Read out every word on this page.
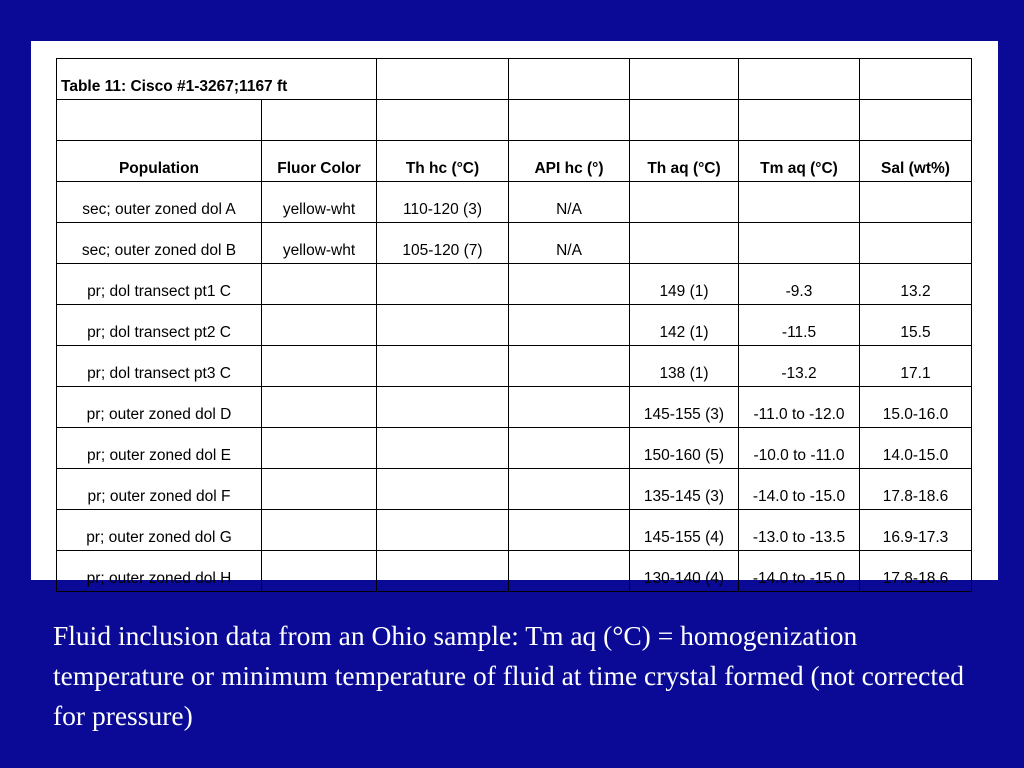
Table 11: Cisco #1-3267;1167 ft						

Population	Fluor Color	Th hc (°C)	API hc (°)	Th aq (°C)	Tm aq (°C)	Sal (wt%)
sec; outer zoned dol A	yellow-wht	110-120 (3)	N/A			
sec; outer zoned dol B	yellow-wht	105-120 (7)	N/A			
pr; dol transect pt1 C				149 (1)	-9.3	13.2
pr; dol transect pt2 C				142 (1)	-11.5	15.5
pr; dol transect pt3 C				138 (1)	-13.2	17.1
pr; outer zoned dol D				145-155 (3)	-11.0 to -12.0	15.0-16.0
pr; outer zoned dol E				150-160 (5)	-10.0 to -11.0	14.0-15.0
pr; outer zoned dol F				135-145 (3)	-14.0 to -15.0	17.8-18.6
pr; outer zoned dol G				145-155 (4)	-13.0 to -13.5	16.9-17.3
pr; outer zoned dol H				130-140 (4)	-14.0 to -15.0	17.8-18.6
Fluid inclusion data from an Ohio sample: Tm aq (°C) = homogenization temperature or minimum temperature of fluid at time crystal formed (not corrected for pressure)
